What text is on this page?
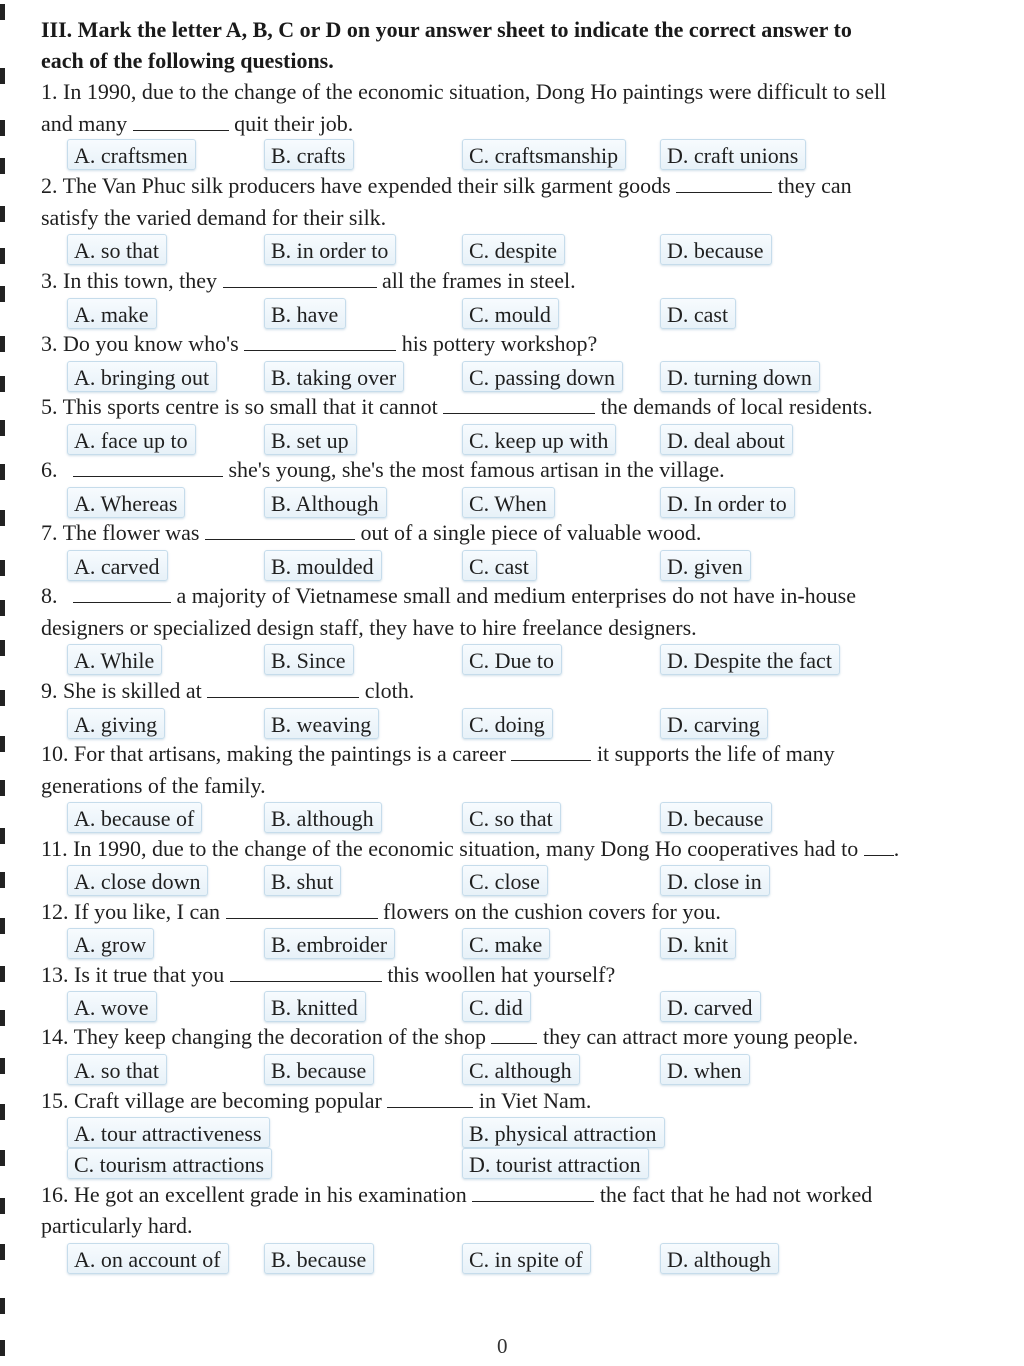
III. Mark the letter A, B, C or D on your answer sheet to indicate the correct answer to
each of the following questions.
1. In 1990, due to the change of the economic situation, Dong Ho paintings were difficult to sell
and many	quit their job.
A. craftsmen	B. crafts	C. craftsmanship	D. craft unions
2. The Van Phuc silk producers have expended their silk garment goods	they can
satisfy the varied demand for their silk.
A. so that	B. in order to	C. despite	D. because
3. In this town, they	all the frames in steel.
A. make	B. have	C. mould	D. cast
3. Do you know who's	his pottery workshop?
A. bringing out	B. taking over	C. passing down	D. turning down
5. This sports centre is so small that it cannot	the demands of local residents.
A. face up to	B. set up	C. keep up with	D. deal about
6.	she's young, she's the most famous artisan in the village.
A. Whereas	B. Although	C. When	D. In order to
7. The flower was	out of a single piece of valuable wood.
A. carved	B. moulded	C. cast	D. given
8.	a majority of Vietnamese small and medium enterprises do not have in-house
designers or specialized design staff, they have to hire freelance designers.
A. While	B. Since	C. Due to	D. Despite the fact
9. She is skilled at	cloth.
A. giving	B. weaving	C. doing	D. carving
10. For that artisans, making the paintings is a career	it supports the life of many
generations of the family.
A. because of	B. although	C. so that	D. because
11. In 1990, due to the change of the economic situation, many Dong Ho cooperatives had to .
A. close down	B. shut	C. close	D. close in
12. If you like, I can	flowers on the cushion covers for you.
A. grow	B. embroider	C. make	D. knit
13. Is it true that you	this woollen hat yourself?
A. wove	B. knitted	C. did	D. carved
14. They keep changing the decoration of the shop	they can attract more young people.
A. so that	B. because	C. although	D. when
15. Craft village are becoming popular	in Viet Nam.
A. tour attractiveness	B. physical attraction
C. tourism attractions	D. tourist attraction
16. He got an excellent grade in his examination	the fact that he had not worked
particularly hard.
A. on account of	B. because	C. in spite of	D. although
0
